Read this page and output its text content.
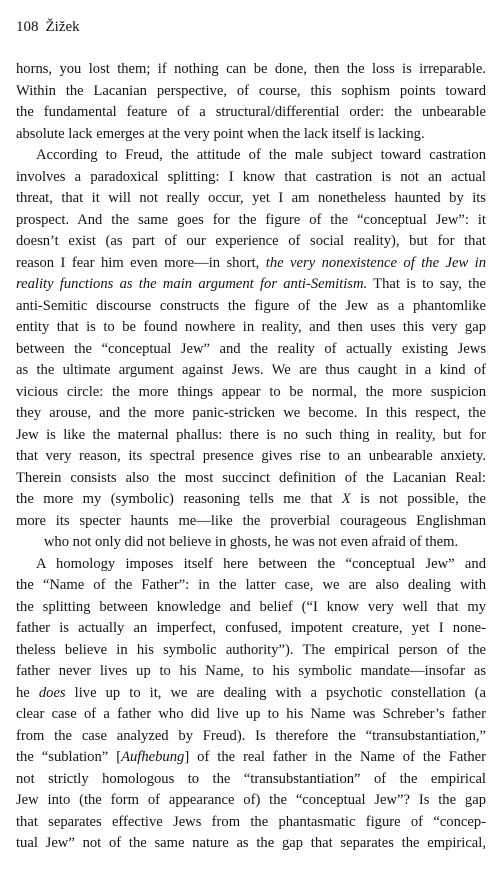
108 Žižek

horns, you lost them; if nothing can be done, then the loss is irreparable.
Within the Lacanian perspective, of course, this sophism points toward
the fundamental feature of a structural/differential order: the unbearable
absolute lack emerges at the very point when the lack itself is lacking.

According to Freud, the attitude of the male subject toward castration
involves a paradoxical splitting: I know that castration is not an actual
threat, that it will not really occur, yet I am nonetheless haunted by its
prospect. And the same goes for the figure of the “conceptual Jew”: it
doesn’t exist (as part of our experience of social reality), but for that
reason I fear him even more—in short, the very nonexistence of the Jew in
reality functions as the main argument for anti-Semitism. That is to say, the
anti-Semitic discourse constructs the figure of the Jew as a phantomlike
entity that is to be found nowhere in reality, and then uses this very gap
between the “conceptual Jew” and the reality of actually existing Jews
as the ultimate argument against Jews. We are thus caught in a kind of
vicious circle: the more things appear to be normal, the more suspicion
they arouse, and the more panic-stricken we become. In this respect, the
Jew is like the maternal phallus: there is no such thing in reality, but for
that very reason, its spectral presence gives rise to an unbearable anxiety.
Therein consists also the most succinct definition of the Lacanian Real:
the more my (symbolic) reasoning tells me that X is not possible, the
more its specter haunts me—like the proverbial courageous Englishman
who not only did not believe in ghosts, he was not even afraid of them.

A homology imposes itself here between the “conceptual Jew” and
the “Name of the Father”: in the latter case, we are also dealing with
the splitting between knowledge and belief (“I know very well that my
father is actually an imperfect, confused, impotent creature, yet I none-
theless believe in his symbolic authority”). The empirical person of the
father never lives up to his Name, to his symbolic mandate—insofar as
he does live up to it, we are dealing with a psychotic constellation (a
clear case of a father who did live up to his Name was Schreber’s father
from the case analyzed by Freud). Is therefore the “transubstantiation,”
the “sublation” [Aufhebung] of the real father in the Name of the Father
not strictly homologous to the “transubstantiation” of the empirical
Jew into (the form of appearance of) the “conceptual Jew”? Is the gap
that separates effective Jews from the phantasmatic figure of “concep-
tual Jew” not of the same nature as the gap that separates the empirical,
